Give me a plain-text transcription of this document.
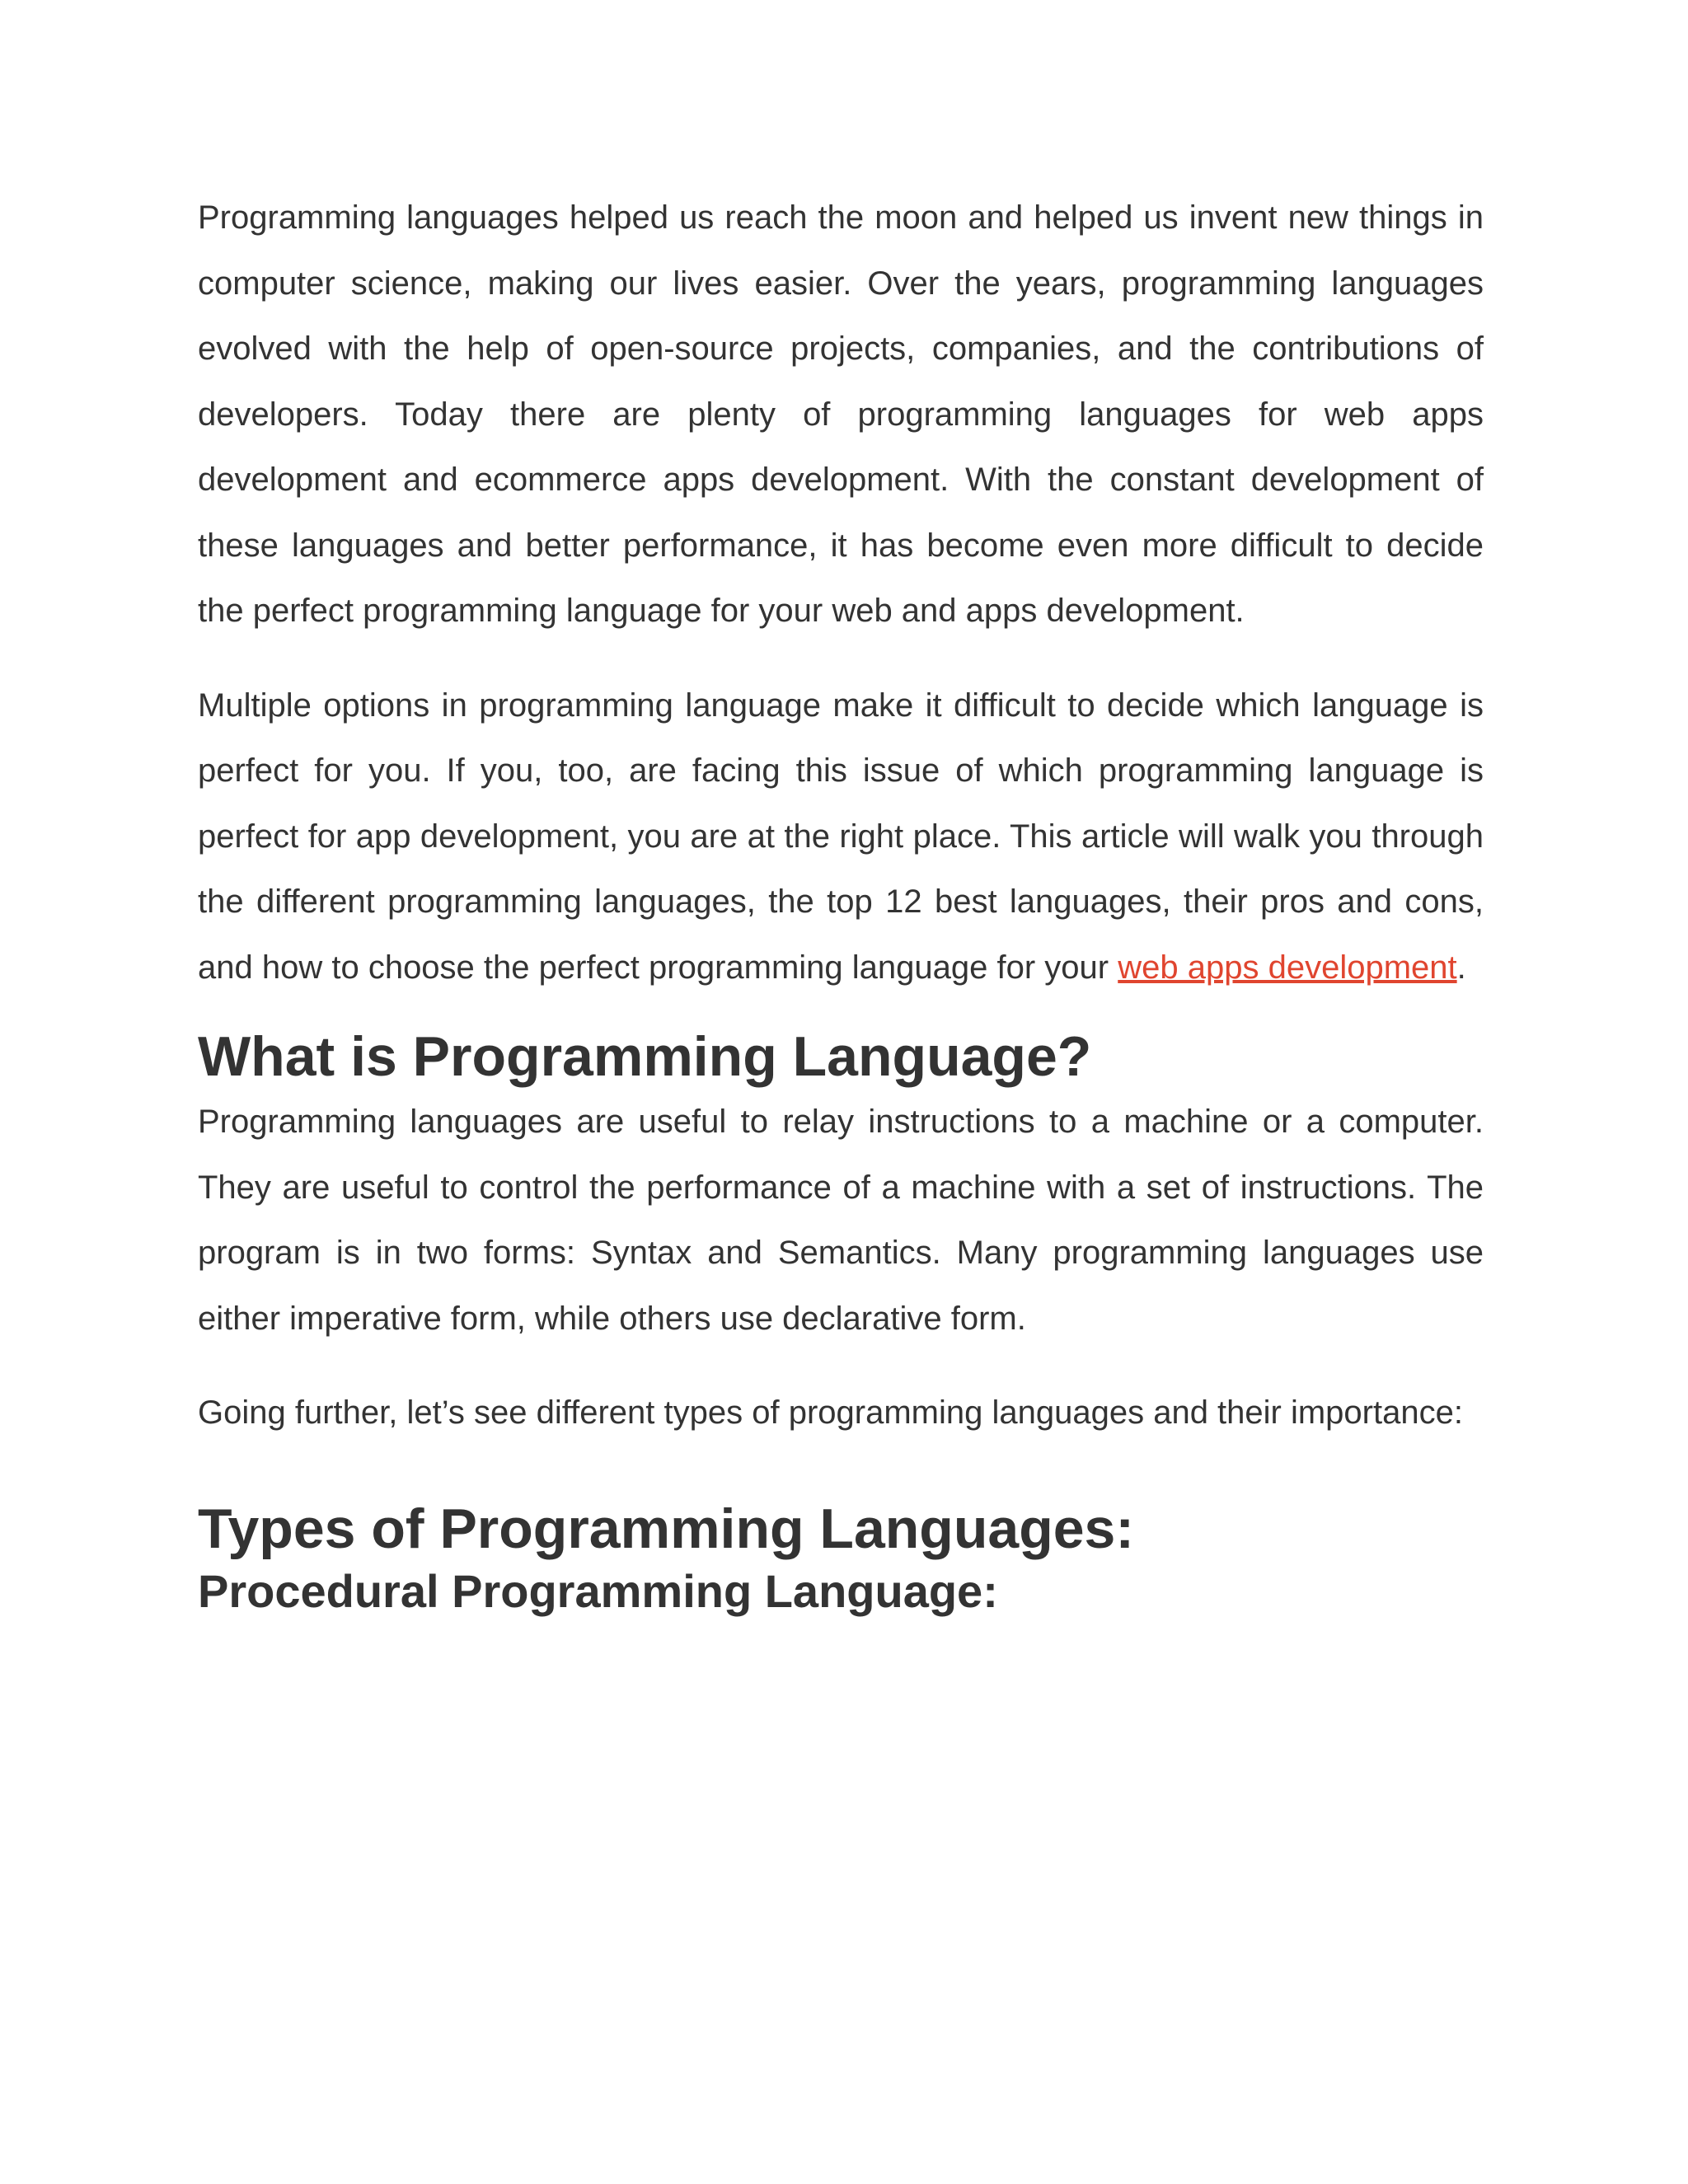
Programming languages helped us reach the moon and helped us invent new things in computer science, making our lives easier. Over the years, programming languages evolved with the help of open-source projects, companies, and the contributions of developers. Today there are plenty of programming languages for web apps development and ecommerce apps development. With the constant development of these languages and better performance, it has become even more difficult to decide the perfect programming language for your web and apps development.

Multiple options in programming language make it difficult to decide which language is perfect for you. If you, too, are facing this issue of which programming language is perfect for app development, you are at the right place. This article will walk you through the different programming languages, the top 12 best languages, their pros and cons, and how to choose the perfect programming language for your web apps development.

What is Programming Language?

Programming languages are useful to relay instructions to a machine or a computer. They are useful to control the performance of a machine with a set of instructions. The program is in two forms: Syntax and Semantics. Many programming languages use either imperative form, while others use declarative form.

Going further, let’s see different types of programming languages and their importance:

Types of Programming Languages:
Procedural Programming Language:
